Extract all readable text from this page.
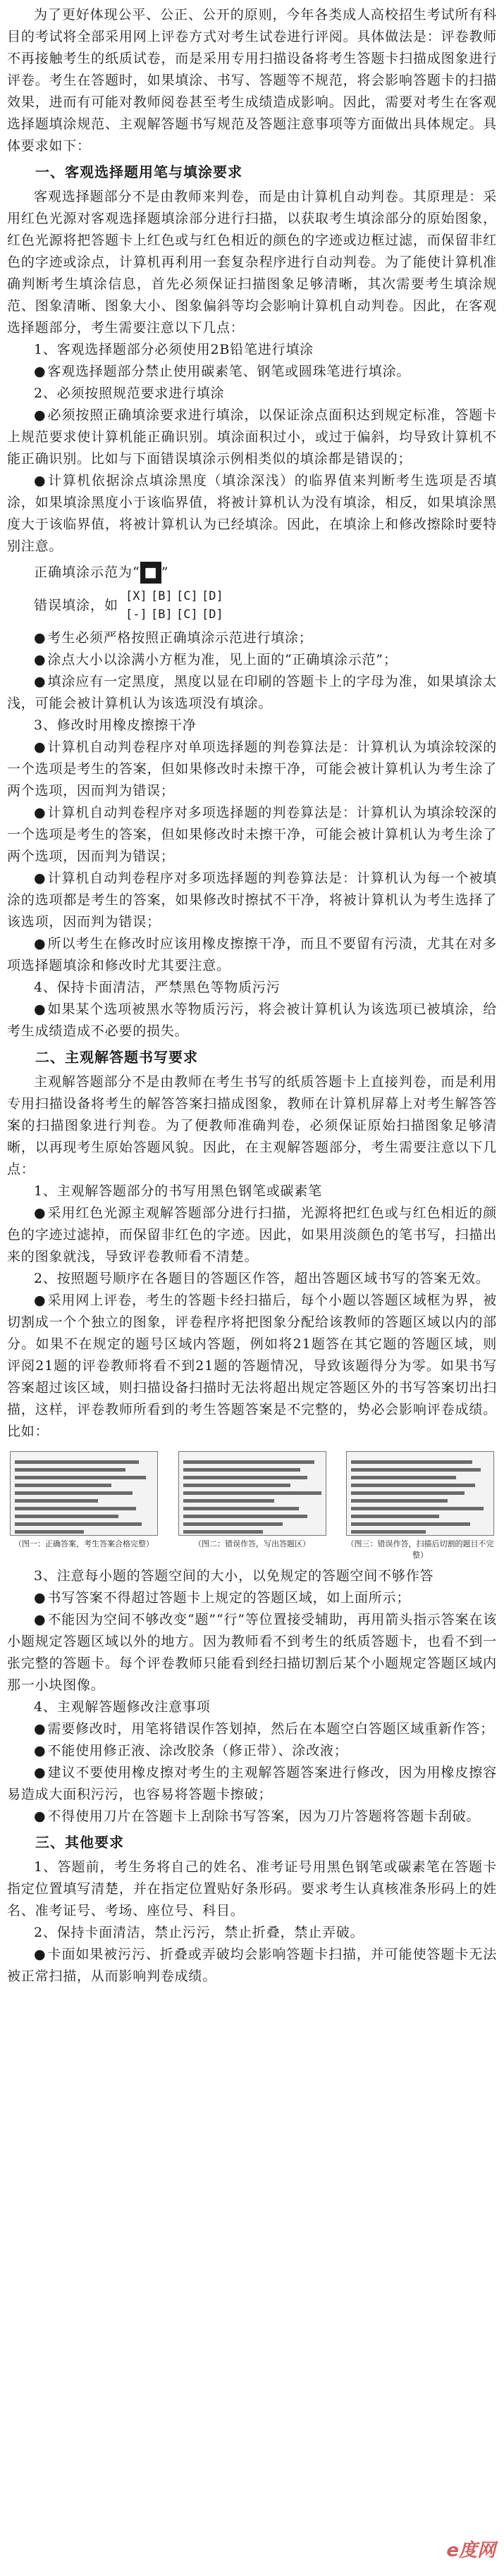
为了更好体现公平、公正、公开的原则，今年各类成人高校招生考试所有科目的考试将全部采用网上评卷方式对考生试卷进行评阅。具体做法是：评卷教师不再接触考生的纸质试卷，而是采用专用扫描设备将考生答题卡扫描成图象进行评卷。考生在答题时，如果填涂、书写、答题等不规范，将会影响答题卡的扫描效果，进而有可能对教师阅卷甚至考生成绩造成影响。因此，需要对考生在客观选择题填涂规范、主观解答题书写规范及答题注意事项等方面做出具体规定。具体要求如下：

一、客观选择题用笔与填涂要求

客观选择题部分不是由教师来判卷，而是由计算机自动判卷。其原理是：采用红色光源对客观选择题填涂部分进行扫描，以获取考生填涂部分的原始图象，红色光源将把答题卡上红色或与红色相近的颜色的字迹或边框过滤，而保留非红色的字迹或涂点，计算机再利用一套复杂程序进行自动判卷。为了能使计算机准确判断考生填涂信息，首先必须保证扫描图象足够清晰，其次需要考生填涂规范、图象清晰、图象大小、图象偏斜等均会影响计算机自动判卷。因此，在客观选择题部分，考生需要注意以下几点：

1、客观选择题部分必须使用2B铅笔进行填涂

● 客观选择题部分禁止使用碳素笔、钢笔或圆珠笔进行填涂。

2、必须按照规范要求进行填涂

● 必须按照正确填涂要求进行填涂，以保证涂点面积达到规定标准，答题卡上规范要求使计算机能正确识别。填涂面积过小，或过于偏斜，均导致计算机不能正确识别。比如与下面错误填涂示例相类似的填涂都是错误的；

● 计算机依据涂点填涂黑度（填涂深浅）的临界值来判断考生选项是否填涂，如果填涂黑度小于该临界值，将被计算机认为没有填涂，相反，如果填涂黑度大于该临界值，将被计算机认为已经填涂。因此，在填涂上和修改擦除时要特别注意。

正确填涂示范为“ ■ ”
错误填涂，如
[X] [B] [C] [D]
[-] [B] [C] [D]

● 考生必须严格按照正确填涂示范进行填涂；

● 涂点大小以涂满小方框为准，见上面的“正确填涂示范”；

● 填涂应有一定黑度，黑度以显在印刷的答题卡上的字母为准，如果填涂太浅，可能会被计算机认为该选项没有填涂。

3、修改时用橡皮擦擦干净

● 计算机自动判卷程序对单项选择题的判卷算法是：计算机认为填涂较深的一个选项是考生的答案，但如果修改时未擦干净，可能会被计算机认为考生涂了两个选项，因而判为错误；

● 计算机自动判卷程序对多项选择题的判卷算法是：计算机认为填涂较深的一个选项是考生的答案，但如果修改时未擦干净，可能会被计算机认为考生涂了两个选项，因而判为错误；

● 计算机自动判卷程序对多项选择题的判卷算法是：计算机认为每一个被填涂的选项都是考生的答案，如果修改时擦拭不干净，将被计算机认为考生选择了该选项，因而判为错误；

● 所以考生在修改时应该用橡皮擦擦干净，而且不要留有污渍，尤其在对多项选择题填涂和修改时尤其要注意。

4、保持卡面清洁，严禁黑色等物质污污

● 如果某个选项被黑水等物质污污，将会被计算机认为该选项已被填涂，给考生成绩造成不必要的损失。

二、主观解答题书写要求

主观解答题部分不是由教师在考生书写的纸质答题卡上直接判卷，而是利用专用扫描设备将考生的解答答案扫描成图象，教师在计算机屏幕上对考生解答答案的扫描图象进行判卷。为了便教师准确判卷，必须保证原始扫描图象足够清晰，以再现考生原始答题风貌。因此，在主观解答题部分，考生需要注意以下几点：

1、主观解答题部分的书写用黑色钢笔或碳素笔

● 采用红色光源主观解答题部分进行扫描，光源将把红色或与红色相近的颜色的字迹过滤掉，而保留非红色的字迹。因此，如果用淡颜色的笔书写，扫描出来的图象就浅，导致评卷教师看不清楚。

2、按照题号顺序在各题目的答题区作答，超出答题区域书写的答案无效。

● 采用网上评卷，考生的答题卡经扫描后，每个小题以答题区域框为界，被切割成一个个独立的图象，评卷程序将把图象分配给该教师的答题区域以内的部分。如果不在规定的题号区域内答题，例如将21题答在其它题的答题区域，则评阅21题的评卷教师将看不到21题的答题情况，导致该题得分为零。如果书写答案超过该区域，则扫描设备扫描时无法将超出规定答题区外的书写答案切出扫描，这样，评卷教师所看到的考生答题答案是不完整的，势必会影响评卷成绩。比如：

（图一：正确答案，考生答案合格完整）	（图二：错误作答，写出答题区）	（图三：错误作答，扫描后切割的题目不完整）

3、注意每小题的答题空间的大小，以免规定的答题空间不够作答

● 书写答案不得超过答题卡上规定的答题区域，如上面所示；

● 不能因为空间不够改变“题”“行”等位置接受辅助，再用箭头指示答案在该小题规定答题区域以外的地方。因为教师看不到考生的纸质答题卡，也看不到一张完整的答题卡。每个评卷教师只能看到经扫描切割后某个小题规定答题区域内那一小块图像。

4、主观解答题修改注意事项

● 需要修改时，用笔将错误作答划掉，然后在本题空白答题区域重新作答；

● 不能使用修正液、涂改胶条（修正带）、涂改液；

● 建议不要使用橡皮擦对考生的主观解答题答案进行修改，因为用橡皮擦容易造成大面积污污，也容易将答题卡擦破；

● 不得使用刀片在答题卡上刮除书写答案，因为刀片答题将答题卡刮破。

三、其他要求

1、答题前，考生务将自己的姓名、准考证号用黑色钢笔或碳素笔在答题卡指定位置填写清楚，并在指定位置贴好条形码。要求考生认真核准条形码上的姓名、准考证号、考场、座位号、科目。

2、保持卡面清洁，禁止污污，禁止折叠，禁止弄破。

● 卡面如果被污污、折叠或弄破均会影响答题卡扫描，并可能使答题卡无法被正常扫描，从而影响判卷成绩。

e度网
